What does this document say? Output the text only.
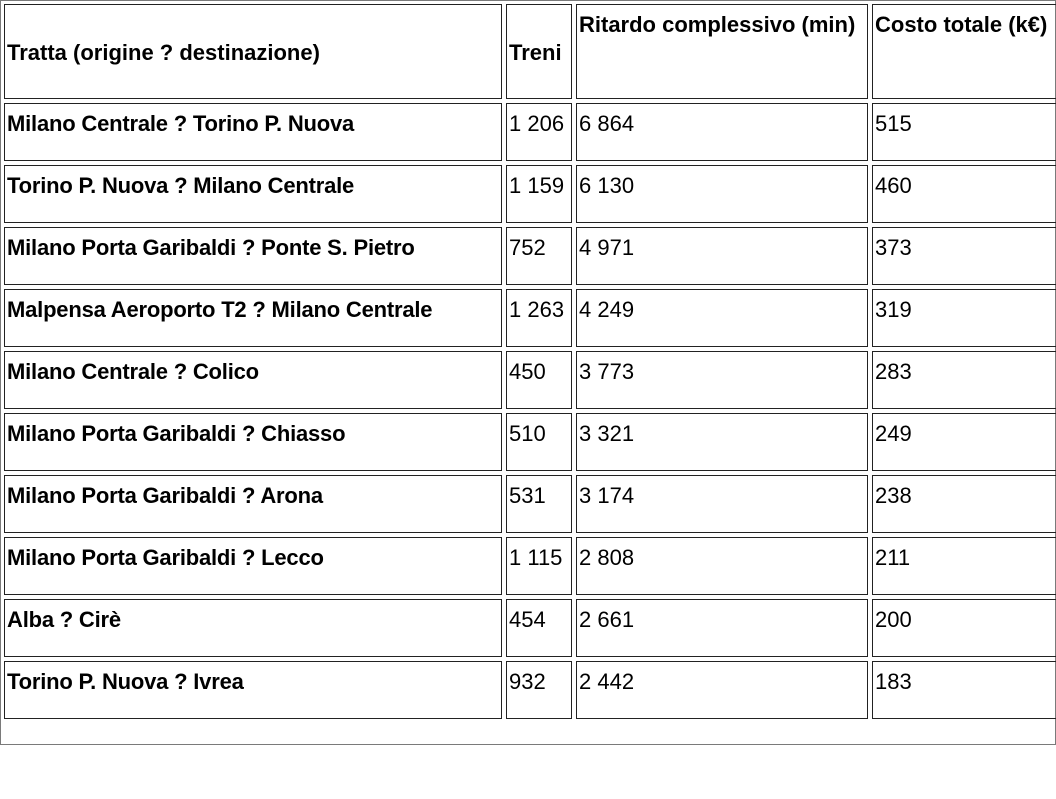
Tratta (origine ? destinazione)	Treni	Ritardo complessivo (min)	Costo totale (k€)
Milano Centrale ? Torino P. Nuova	1 206	6 864	515
Torino P. Nuova ? Milano Centrale	1 159	6 130	460
Milano Porta Garibaldi ? Ponte S. Pietro	752	4 971	373
Malpensa Aeroporto T2 ? Milano Centrale	1 263	4 249	319
Milano Centrale ? Colico	450	3 773	283
Milano Porta Garibaldi ? Chiasso	510	3 321	249
Milano Porta Garibaldi ? Arona	531	3 174	238
Milano Porta Garibaldi ? Lecco	1 115	2 808	211
Alba ? Cirè	454	2 661	200
Torino P. Nuova ? Ivrea	932	2 442	183
